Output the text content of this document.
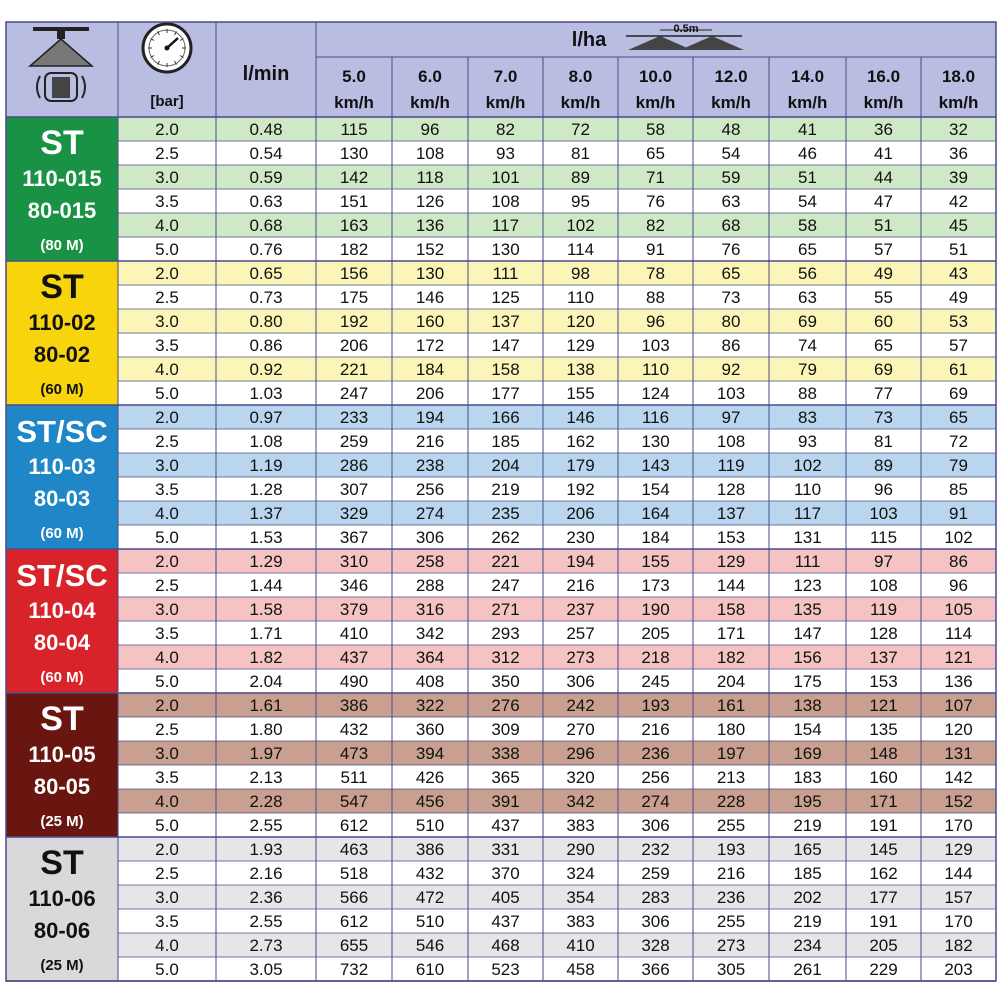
[bar]
l/min
l/ha	0.5m
5.0
km/h
6.0
km/h
7.0
km/h
8.0
km/h
10.0
km/h
12.0
km/h
14.0
km/h
16.0
km/h
18.0
km/h
ST
110-015
80-015
(80 M)
2.0	0.48	115	96	82	72	58	48	41	36	32
2.5	0.54	130	108	93	81	65	54	46	41	36
3.0	0.59	142	118	101	89	71	59	51	44	39
3.5	0.63	151	126	108	95	76	63	54	47	42
4.0	0.68	163	136	117	102	82	68	58	51	45
5.0	0.76	182	152	130	114	91	76	65	57	51
ST
110-02
80-02
(60 M)
2.0	0.65	156	130	111	98	78	65	56	49	43
2.5	0.73	175	146	125	110	88	73	63	55	49
3.0	0.80	192	160	137	120	96	80	69	60	53
3.5	0.86	206	172	147	129	103	86	74	65	57
4.0	0.92	221	184	158	138	110	92	79	69	61
5.0	1.03	247	206	177	155	124	103	88	77	69
ST/SC
110-03
80-03
(60 M)
2.0	0.97	233	194	166	146	116	97	83	73	65
2.5	1.08	259	216	185	162	130	108	93	81	72
3.0	1.19	286	238	204	179	143	119	102	89	79
3.5	1.28	307	256	219	192	154	128	110	96	85
4.0	1.37	329	274	235	206	164	137	117	103	91
5.0	1.53	367	306	262	230	184	153	131	115	102
ST/SC
110-04
80-04
(60 M)
2.0	1.29	310	258	221	194	155	129	111	97	86
2.5	1.44	346	288	247	216	173	144	123	108	96
3.0	1.58	379	316	271	237	190	158	135	119	105
3.5	1.71	410	342	293	257	205	171	147	128	114
4.0	1.82	437	364	312	273	218	182	156	137	121
5.0	2.04	490	408	350	306	245	204	175	153	136
ST
110-05
80-05
(25 M)
2.0	1.61	386	322	276	242	193	161	138	121	107
2.5	1.80	432	360	309	270	216	180	154	135	120
3.0	1.97	473	394	338	296	236	197	169	148	131
3.5	2.13	511	426	365	320	256	213	183	160	142
4.0	2.28	547	456	391	342	274	228	195	171	152
5.0	2.55	612	510	437	383	306	255	219	191	170
ST
110-06
80-06
(25 M)
2.0	1.93	463	386	331	290	232	193	165	145	129
2.5	2.16	518	432	370	324	259	216	185	162	144
3.0	2.36	566	472	405	354	283	236	202	177	157
3.5	2.55	612	510	437	383	306	255	219	191	170
4.0	2.73	655	546	468	410	328	273	234	205	182
5.0	3.05	732	610	523	458	366	305	261	229	203
